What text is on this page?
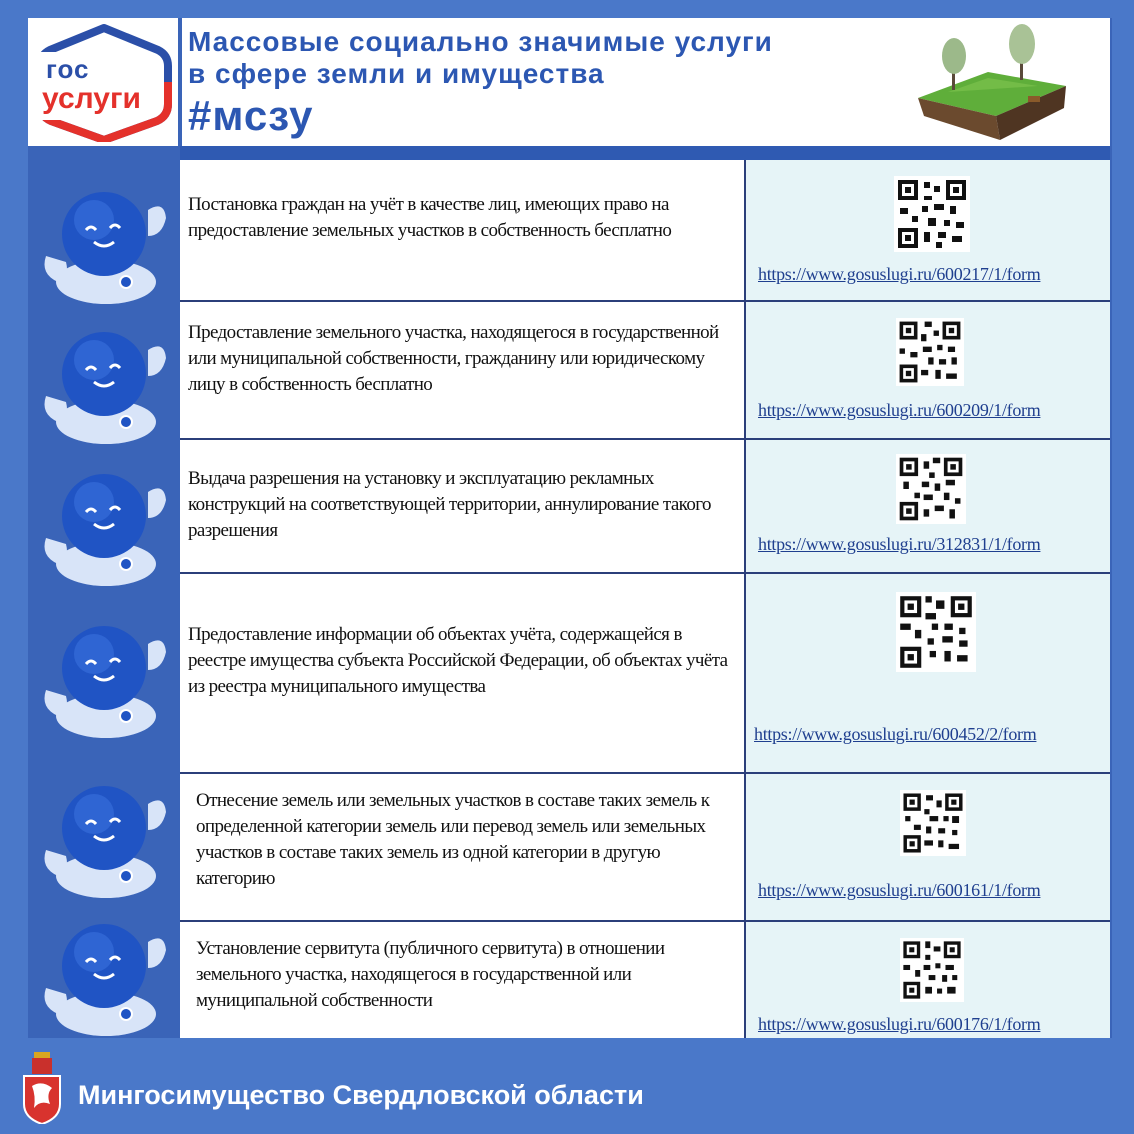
гос
услуги
Массовые социально значимые услуги
в сфере земли и имущества
#мсзу
Постановка граждан на учёт в качестве лиц, имеющих право на предоставление земельных участков в собственность бесплатно
https://www.gosuslugi.ru/600217/1/form
Предоставление земельного участка, находящегося в государственной или муниципальной собственности, гражданину или юридическому лицу в собственность бесплатно
https://www.gosuslugi.ru/600209/1/form
Выдача разрешения на установку и эксплуатацию рекламных конструкций на соответствующей территории, аннулирование такого разрешения
https://www.gosuslugi.ru/312831/1/form
Предоставление информации об объектах учёта, содержащейся в реестре имущества субъекта Российской Федерации, об объектах учёта из реестра муниципального имущества
https://www.gosuslugi.ru/600452/2/form
Отнесение земель или земельных участков в составе таких земель к определенной категории земель или перевод земель или земельных участков в составе таких земель из одной категории в другую категорию
https://www.gosuslugi.ru/600161/1/form
Установление сервитута (публичного сервитута) в отношении земельного участка, находящегося в государственной или муниципальной собственности
https://www.gosuslugi.ru/600176/1/form
Мингосимущество Свердловской области
